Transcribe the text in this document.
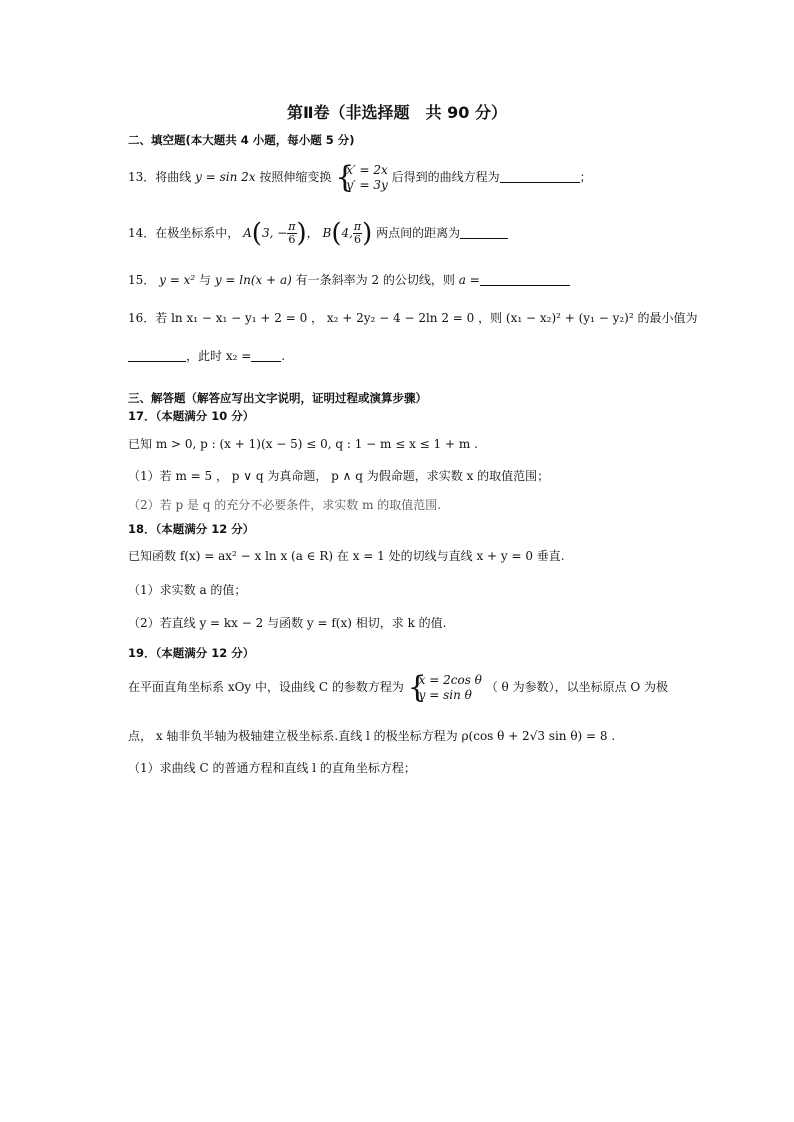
第Ⅱ卷（非选择题　共 90 分）
二、填空题(本大题共 4 小题，每小题 5 分)
13．将曲线 y = sin 2x 按照伸缩变换 {
x′ = 2x
y′ = 3y
后得到的曲线方程为	；
14．在极坐标系中， A(3, − $\frac{\pi}{6}$ )， B(4, $\frac{\pi}{6}$ ) 两点间的距离为
15． y = x² 与 y = ln(x + a) 有一条斜率为 2 的公切线，则 a =
16．若 ln x₁ − x₁ − y₁ + 2 = 0 ， x₂ + 2y₂ − 4 − 2ln 2 = 0 ，则 (x₁ − x₂)² + (y₁ − y₂)² 的最小值为
，此时 x₂ =	.
三、解答题（解答应写出文字说明，证明过程或演算步骤）
17．（本题满分 10 分）
已知 m > 0, p : (x + 1)(x − 5) ≤ 0, q : 1 − m ≤ x ≤ 1 + m .
（1）若 m = 5 ， p ∨ q 为真命题， p ∧ q 为假命题，求实数 x 的取值范围；
（2）若 p 是 q 的充分不必要条件，求实数 m 的取值范围.
18．（本题满分 12 分）
已知函数 f(x) = ax² − x ln x (a ∈ R) 在 x = 1 处的切线与直线 x + y = 0 垂直.
（1）求实数 a 的值；
（2）若直线 y = kx − 2 与函数 y = f(x) 相切，求 k 的值.
19．（本题满分 12 分）
在平面直角坐标系 xOy 中，设曲线 C 的参数方程为 {
x = 2cos θ
y = sin θ
（ θ 为参数），以坐标原点 O 为极
点， x 轴非负半轴为极轴建立极坐标系.直线 l 的极坐标方程为 ρ(cos θ + 2√3 sin θ) = 8 .
（1）求曲线 C 的普通方程和直线 l 的直角坐标方程；
